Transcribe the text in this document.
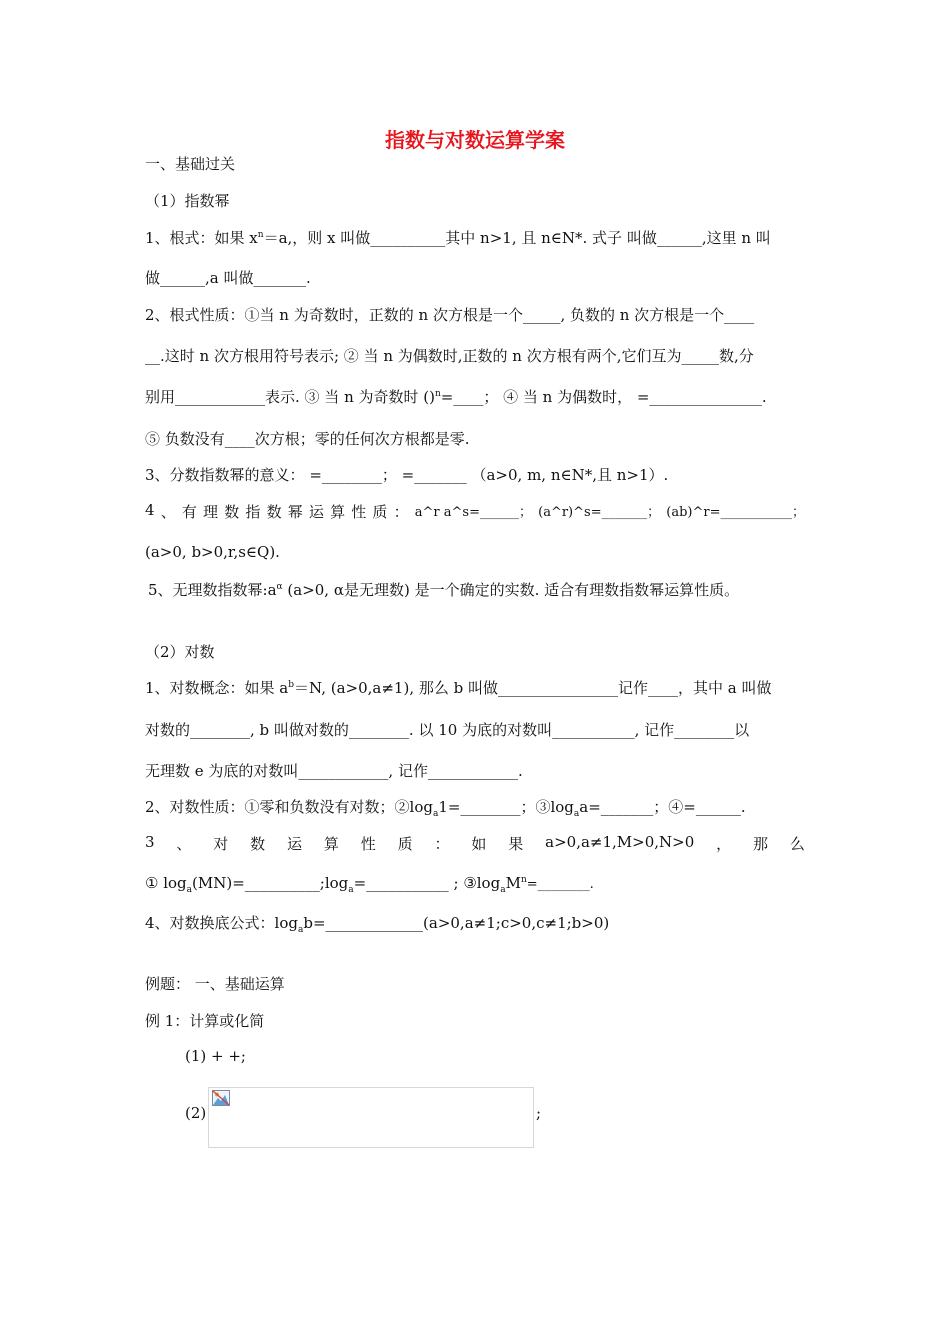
指数与对数运算学案
一、基础过关
（1）指数幂
1、根式：如果 $x^n=a$,，则 x 叫做__________其中 n>1, 且 n∈N*. 式子 叫做______,这里 n 叫
做______,a 叫做_______.
2、根式性质：①当 n 为奇数时，正数的 n 次方根是一个_____, 负数的 n 次方根是一个____
__.这时 n 次方根用符号表示; ② 当 n 为偶数时,正数的 n 次方根有两个,它们互为_____数,分
别用____________表示. ③ 当 n 为奇数时 ()$^n$=____； ④ 当 n 为偶数时， =_______________.
⑤ 负数没有____次方根；零的任何次方根都是零.
3、分数指数幂的意义： =________； =_______ （a>0, m, n∈N*,且 n>1）.
4 、 有 理 数 指 数 幂 运 算 性 质 ： a^r a^s=______； (a^r)^s=_______； (ab)^r=___________；
(a>0, b>0,r,s∈Q).
5、无理数指数幂$:a^\alpha$ (a>0, α是无理数) 是一个确定的实数. 适合有理数指数幂运算性质。
（2）对数
1、对数概念：如果 $a^b=N$, (a>0,a≠1), 那么 b 叫做________________记作____，其中 a 叫做
对数的________, b 叫做对数的________. 以 10 为底的对数叫___________, 记作________以
无理数 e 为底的对数叫____________, 记作____________.
2、对数性质：①零和负数没有对数；$②\log_a1=\_\_\_\_\_\_\_\_$；$③\log_aa=\_\_\_\_\_\_\_$；④=______.
3 、 对 数 运 算 性 质 ： 如 果 a>0,a≠1,M>0,N>0 ， 那 么
① $\log_a(MN)=\_\_\_\_\_\_\_\_\_\_;\log_a=\_\_\_\_\_\_\_\_\_\_\_$ ; $③\log_aM^n=\_\_\_\_\_\_\_\_$.
4、对数换底公式：$\log_ab=\_\_\_\_\_\_\_\_\_\_\_\_\_(a>0,a\ne 1;c>0,c\ne 1;b>0)$
例题： 一、基础运算
例 1：计算或化简
(1) + +;
(2)	;
